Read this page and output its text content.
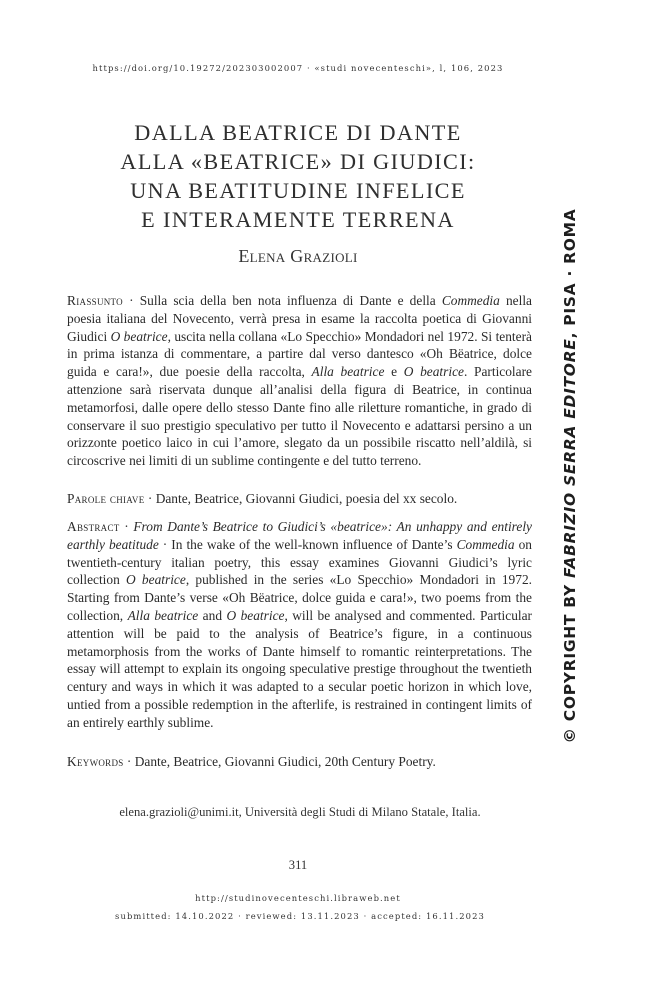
https://doi.org/10.19272/202303002007 · «studi novecenteschi», l, 106, 2023
DALLA BEATRICE DI DANTE
ALLA «BEATRICE» DI GIUDICI:
UNA BEATITUDINE INFELICE
E INTERAMENTE TERRENA
Elena Grazioli
Riassunto · Sulla scia della ben nota influenza di Dante e della Commedia nella poesia italiana del Novecento, verrà presa in esame la raccolta poetica di Giovanni Giudici O beatrice, uscita nella collana «Lo Specchio» Mondadori nel 1972. Si tenterà in prima istanza di commentare, a partire dal verso dantesco «Oh Bëatrice, dolce guida e cara!», due poesie della raccolta, Alla beatrice e O beatrice. Particolare attenzione sarà riservata dunque all’analisi della figura di Beatrice, in continua metamorfosi, dalle opere dello stesso Dante fino alle riletture romantiche, in grado di conservare il suo prestigio speculativo per tutto il Novecento e adattarsi persino a un orizzonte poetico laico in cui l’amore, slegato da un possibile riscatto nell’aldilà, si circoscrive nei limiti di un sublime contingente e del tutto terreno.
Parole chiave · Dante, Beatrice, Giovanni Giudici, poesia del xx secolo.
Abstract · From Dante’s Beatrice to Giudici’s «beatrice»: An unhappy and entirely earthly beatitude · In the wake of the well-known influence of Dante’s Commedia on twentieth-century italian poetry, this essay examines Giovanni Giudici’s lyric collection O beatrice, published in the series «Lo Specchio» Mondadori in 1972. Starting from Dante’s verse «Oh Bëatrice, dolce guida e cara!», two poems from the collection, Alla beatrice and O beatrice, will be analysed and commented. Particular attention will be paid to the analysis of Beatrice’s figure, in a continuous metamorphosis from the works of Dante himself to romantic reinterpretations. The essay will attempt to explain its ongoing speculative prestige throughout the twentieth century and ways in which it was adapted to a secular poetic horizon in which love, untied from a possible redemption in the afterlife, is restrained in contingent limits of an entirely earthly sublime.
Keywords · Dante, Beatrice, Giovanni Giudici, 20th Century Poetry.
elena.grazioli@unimi.it, Università degli Studi di Milano Statale, Italia.
311
http://studinovecenteschi.libraweb.net
submitted: 14.10.2022 · reviewed: 13.11.2023 · accepted: 16.11.2023
© COPYRIGHT BY FABRIZIO SERRA EDITORE, PISA · ROMA
